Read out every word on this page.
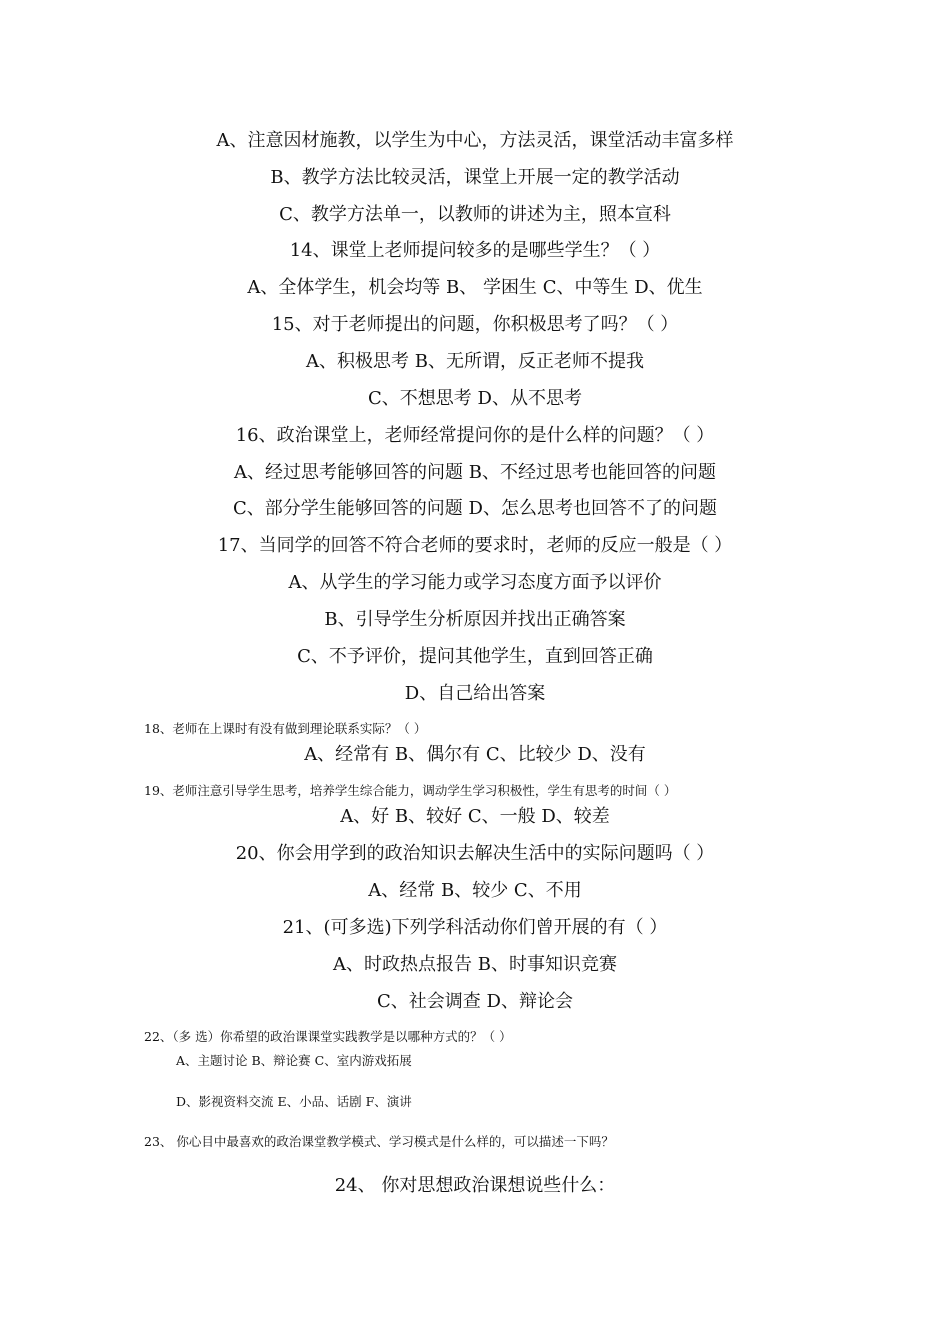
A、注意因材施教，以学生为中心，方法灵活，课堂活动丰富多样

B、教学方法比较灵活，课堂上开展一定的教学活动

C、教学方法单一，以教师的讲述为主，照本宣科

14、课堂上老师提问较多的是哪些学生？（ ）

A、全体学生，机会均等 B、 学困生 C、中等生 D、优生

15、对于老师提出的问题，你积极思考了吗？（ ）

A、积极思考 B、无所谓，反正老师不提我

C、不想思考 D、从不思考

16、政治课堂上，老师经常提问你的是什么样的问题？（ ）

A、经过思考能够回答的问题 B、不经过思考也能回答的问题

C、部分学生能够回答的问题 D、怎么思考也回答不了的问题

17、当同学的回答不符合老师的要求时，老师的反应一般是（ ）

A、从学生的学习能力或学习态度方面予以评价

B、引导学生分析原因并找出正确答案

C、不予评价，提问其他学生，直到回答正确

D、自己给出答案

18、老师在上课时有没有做到理论联系实际？（ ）

A、经常有 B、偶尔有 C、比较少 D、没有

19、老师注意引导学生思考，培养学生综合能力，调动学生学习积极性，学生有思考的时间（ ）

A、好 B、较好 C、一般 D、较差

20、你会用学到的政治知识去解决生活中的实际问题吗（ ）

A、经常 B、较少 C、不用

21、(可多选)下列学科活动你们曾开展的有（ ）

A、时政热点报告 B、时事知识竞赛

C、社会调查 D、辩论会

22、（多 选）你希望的政治课课堂实践教学是以哪种方式的？（ ）

A、主题讨论 B、辩论赛 C、室内游戏拓展

D、影视资料交流 E、小品、话剧 F、演讲

23、 你心目中最喜欢的政治课堂教学模式、学习模式是什么样的，可以描述一下吗？

24、 你对思想政治课想说些什么：
